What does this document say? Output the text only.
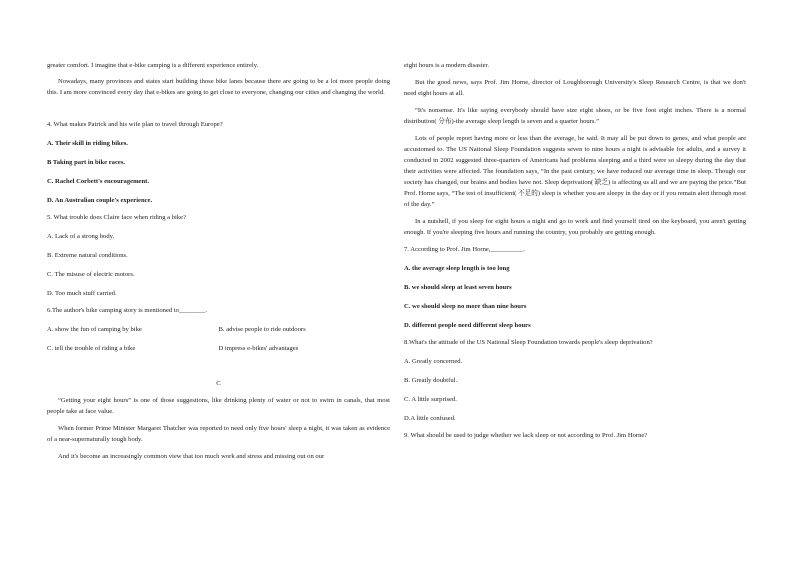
greater comfort. I imagine that e-bike camping is a different experience entirely.

Nowadays, many provinces and states start building those bike lanes because there are going to be a lot more people doing this. I am more convinced every day that e-bikes are going to get close to everyone, changing our cities and changing the world.

4. What makes Patrick and his wife plan to travel through Europe?

A. Their skill in riding bikes.

B Taking part in bike races.

C. Rachel Corbett's encouragement.

D. An Australian couple's experience.

5. What trouble does Claire face when riding a bike?

A. Lack of a strong body.

B. Extreme natural conditions.

C. The misuse of electric motors.

D. Too much stuff carried.

6.The author's bike camping story is mentioned to________.

A. show the fun of camping by bike	B. advise people to ride outdoors
C. tell the trouble of riding a bike	D impress e-bikes' advantages

C

“Getting your eight hours” is one of those suggestions, like drinking plenty of water or not to swim in canals, that most people take at face value.

When former Prime Minister Margaret Thatcher was reported to need only five hours' sleep a night, it was taken as evidence of a near-supernaturally tough body.

And it's become an increasingly common view that too much work and stress and missing out on our

eight hours is a modern disaster.

But the good news, says Prof. Jim Horne, director of Loughborough University's Sleep Research Centre, is that we don't need eight hours at all.

“It's nonsense. It's like saying everybody should have size eight shoes, or be five foot eight inches. There is a normal distribution( 分布)-the average sleep length is seven and a quarter hours.”

Lots of people report having more or less than the average, he said. It may all be put down to genes, and what people are accustomed to. The US National Sleep Foundation suggests seven to nine hours a night is advisable for adults, and a survey it conducted in 2002 suggested three-quarters of Americans had problems sleeping and a third were so sleepy during the day that their activities were affected. The foundation says, “In the past century, we have reduced our average time in sleep. Though our society has changed, our brains and bodies have not. Sleep deprivation( 缺乏) is affecting us all and we are paying the price.”But Prof. Horne says, “The test of insufficient( 不足的) sleep is whether you are sleepy in the day or if you remain alert through most of the day.”

In a nutshell, if you sleep for eight hours a night and go to work and find yourself tired on the keyboard, you aren't getting enough. If you're sleeping five hours and running the country, you probably are getting enough.

7. According to Prof. Jim Horne,__________.

A. the average sleep length is too long

B. we should sleep at least seven hours

C. we should sleep no more than nine hours

D. different people need different sleep hours

8.What's the attitude of the US National Sleep Foundation towards people's sleep deprivation?

A. Greatly concerned.

B. Greatly doubtful.

C. A little surprised.

D.A little confused.

9. What should be used to judge whether we lack sleep or not according to Prof. Jim Horne?
